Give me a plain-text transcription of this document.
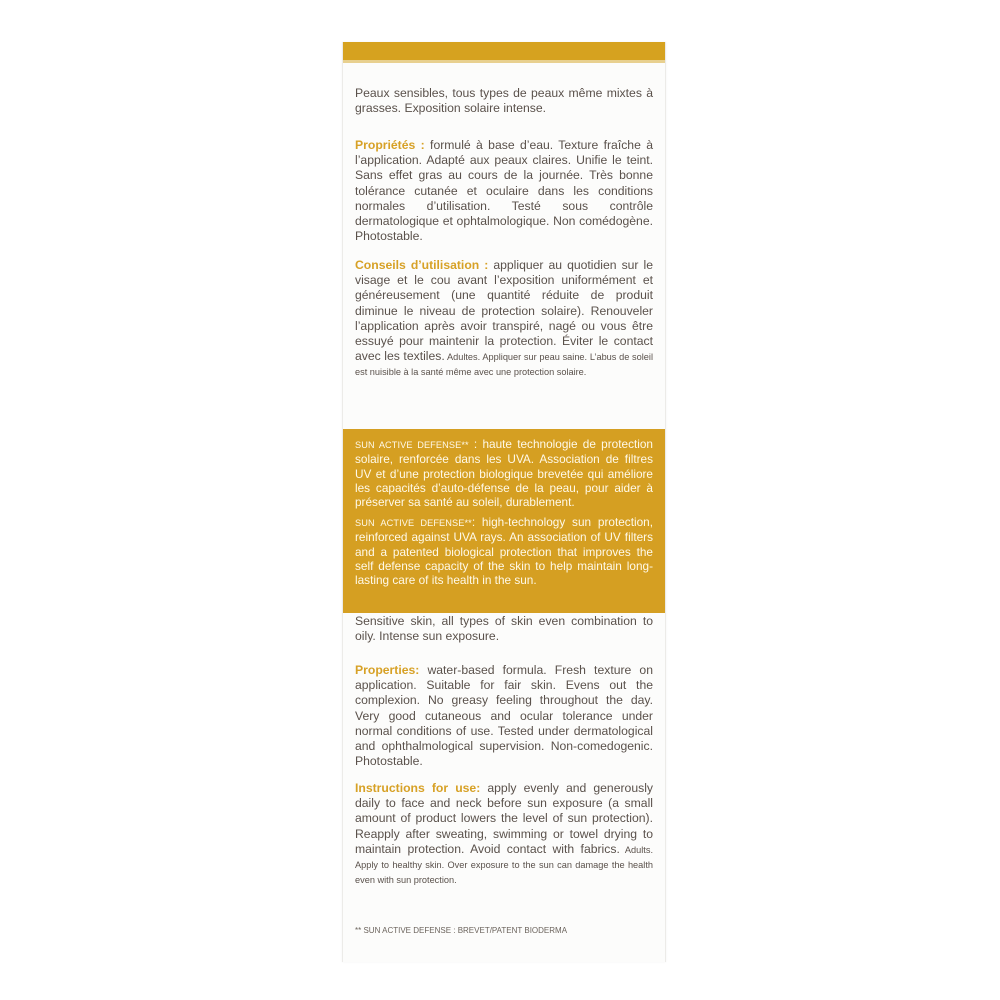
Peaux sensibles, tous types de peaux même mixtes à grasses. Exposition solaire intense.
Propriétés : formulé à base d’eau. Texture fraîche à l’application. Adapté aux peaux claires. Unifie le teint. Sans effet gras au cours de la journée. Très bonne tolérance cutanée et oculaire dans les conditions normales d’utilisation. Testé sous contrôle dermatologique et ophtalmologique. Non comédogène. Photostable.
Conseils d’utilisation : appliquer au quotidien sur le visage et le cou avant l’exposition uniformément et généreusement (une quantité réduite de produit diminue le niveau de protection solaire). Renouveler l’application après avoir transpiré, nagé ou vous être essuyé pour maintenir la protection. Éviter le contact avec les textiles. Adultes. Appliquer sur peau saine. L’abus de soleil est nuisible à la santé même avec une protection solaire.
SUN ACTIVE DEFENSE** : haute technologie de protection solaire, renforcée dans les UVA. Association de filtres UV et d’une protection biologique brevetée qui améliore les capacités d’auto-défense de la peau, pour aider à préserver sa santé au soleil, durablement.
SUN ACTIVE DEFENSE**: high-technology sun protection, reinforced against UVA rays. An association of UV filters and a patented biological protection that improves the self defense capacity of the skin to help maintain long-lasting care of its health in the sun.
Sensitive skin, all types of skin even combination to oily. Intense sun exposure.
Properties: water-based formula. Fresh texture on application. Suitable for fair skin. Evens out the complexion. No greasy feeling throughout the day. Very good cutaneous and ocular tolerance under normal conditions of use. Tested under dermatological and ophthalmological supervision. Non-comedogenic. Photostable.
Instructions for use: apply evenly and generously daily to face and neck before sun exposure (a small amount of product lowers the level of sun protection). Reapply after sweating, swimming or towel drying to maintain protection. Avoid contact with fabrics. Adults. Apply to healthy skin. Over exposure to the sun can damage the health even with sun protection.
** SUN ACTIVE DEFENSE : BREVET/PATENT BIODERMA
